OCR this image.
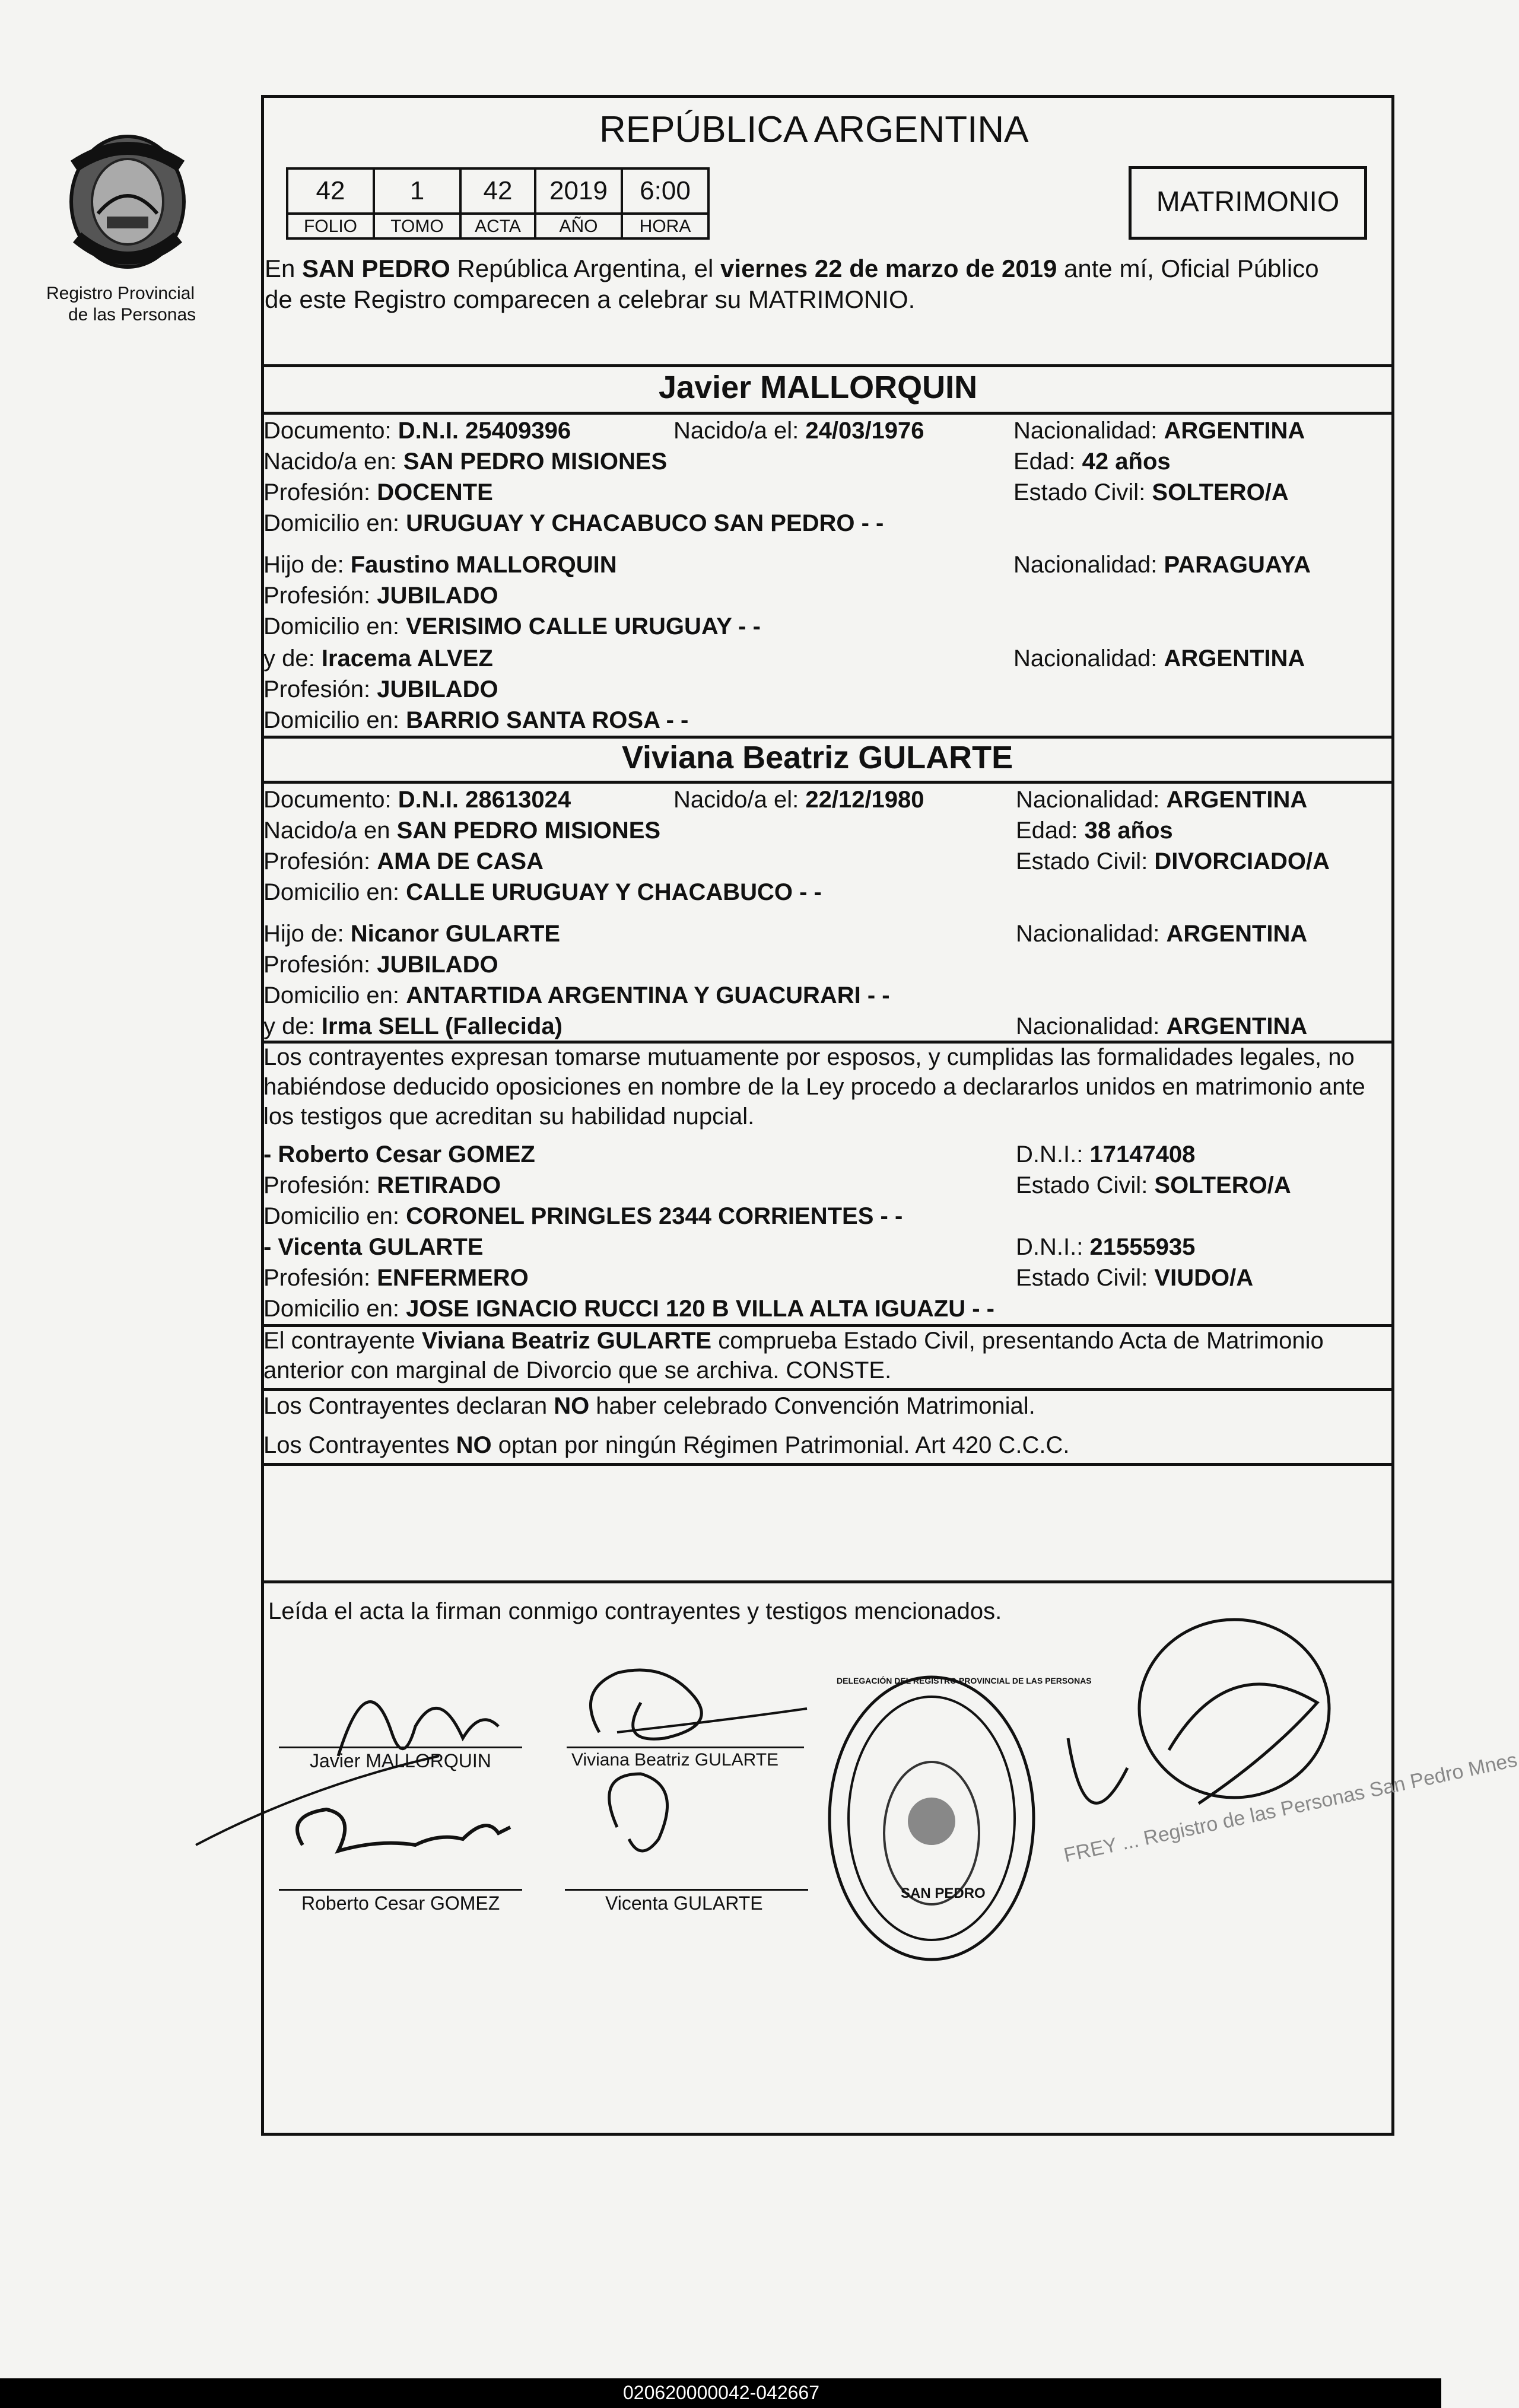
Registro Provincial
de las Personas
REPÚBLICA ARGENTINA
42	1	42	2019	6:00
FOLIO	TOMO	ACTA	AÑO	HORA
MATRIMONIO
En SAN PEDRO República Argentina, el viernes 22 de marzo de 2019 ante mí, Oficial Público
de este Registro comparecen a celebrar su MATRIMONIO.
Javier MALLORQUIN
Documento: D.N.I. 25409396	Nacido/a el: 24/03/1976	Nacionalidad: ARGENTINA
Nacido/a en: SAN PEDRO MISIONES	Edad: 42 años
Profesión: DOCENTE	Estado Civil: SOLTERO/A
Domicilio en: URUGUAY Y CHACABUCO SAN PEDRO - -
Hijo de: Faustino MALLORQUIN	Nacionalidad: PARAGUAYA
Profesión: JUBILADO
Domicilio en: VERISIMO CALLE URUGUAY - -
y de: Iracema ALVEZ	Nacionalidad: ARGENTINA
Profesión: JUBILADO
Domicilio en: BARRIO SANTA ROSA - -
Viviana Beatriz GULARTE
Documento: D.N.I. 28613024	Nacido/a el: 22/12/1980	Nacionalidad: ARGENTINA
Nacido/a en SAN PEDRO MISIONES	Edad: 38 años
Profesión: AMA DE CASA	Estado Civil: DIVORCIADO/A
Domicilio en: CALLE URUGUAY Y CHACABUCO - -
Hijo de: Nicanor GULARTE	Nacionalidad: ARGENTINA
Profesión: JUBILADO
Domicilio en: ANTARTIDA ARGENTINA Y GUACURARI - -
y de: Irma SELL (Fallecida)	Nacionalidad: ARGENTINA
Los contrayentes expresan tomarse mutuamente por esposos, y cumplidas las formalidades legales, no
habiéndose deducido oposiciones en nombre de la Ley procedo a declararlos unidos en matrimonio ante
los testigos que acreditan su habilidad nupcial.
- Roberto Cesar GOMEZ	D.N.I.: 17147408
Profesión: RETIRADO	Estado Civil: SOLTERO/A
Domicilio en: CORONEL PRINGLES 2344 CORRIENTES - -
- Vicenta GULARTE	D.N.I.: 21555935
Profesión: ENFERMERO	Estado Civil: VIUDO/A
Domicilio en: JOSE IGNACIO RUCCI 120 B VILLA ALTA IGUAZU - -
El contrayente Viviana Beatriz GULARTE comprueba Estado Civil, presentando Acta de Matrimonio
anterior con marginal de Divorcio que se archiva. CONSTE.
Los Contrayentes declaran NO haber celebrado Convención Matrimonial.
Los Contrayentes NO optan por ningún Régimen Patrimonial. Art 420 C.C.C.
Leída el acta la firman conmigo contrayentes y testigos mencionados.
Javier MALLORQUIN	Viviana Beatriz GULARTE
Roberto Cesar GOMEZ	Vicenta GULARTE
DELEGACIÓN DEL REGISTRO PROVINCIAL DE LAS PERSONAS
SAN PEDRO
FREY ... Registro de las Personas San Pedro Mnes
020620000042-042667
